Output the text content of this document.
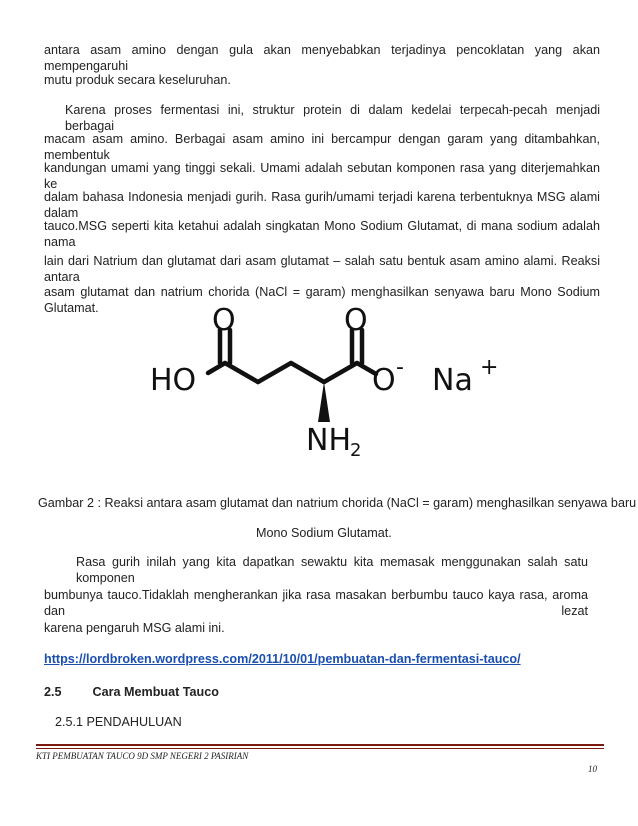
antara asam amino dengan gula akan menyebabkan terjadinya pencoklatan yang akan mempengaruhi
mutu produk secara keseluruhan.
Karena proses fermentasi ini, struktur protein di dalam kedelai terpecah-pecah menjadi berbagai
macam asam amino. Berbagai asam amino ini bercampur dengan garam yang ditambahkan, membentuk
kandungan umami yang tinggi sekali. Umami adalah sebutan komponen rasa yang diterjemahkan ke
dalam bahasa Indonesia menjadi gurih. Rasa gurih/umami terjadi karena terbentuknya MSG alami dalam
tauco.MSG seperti kita ketahui adalah singkatan Mono Sodium Glutamat, di mana sodium adalah nama
lain dari Natrium dan glutamat dari asam glutamat – salah satu bentuk asam amino alami. Reaksi antara
asam glutamat dan natrium chorida (NaCl = garam) menghasilkan senyawa baru Mono Sodium Glutamat.	O	O
HO	O - Na +
NH 2
Gambar 2 : Reaksi antara asam glutamat dan natrium chorida (NaCl = garam) menghasilkan senyawa baru
Mono Sodium Glutamat.
Rasa gurih inilah yang kita dapatkan sewaktu kita memasak menggunakan salah satu komponen
bumbunya tauco.Tidaklah mengherankan jika rasa masakan berbumbu tauco kaya rasa, aroma dan lezat
karena pengaruh MSG alami ini.
https://lordbroken.wordpress.com/2011/10/01/pembuatan-dan-fermentasi-tauco/
2.5 Cara Membuat Tauco
2.5.1 PENDAHULUAN
KTI PEMBUATAN TAUCO 9D SMP NEGERI 2 PASIRIAN
10
